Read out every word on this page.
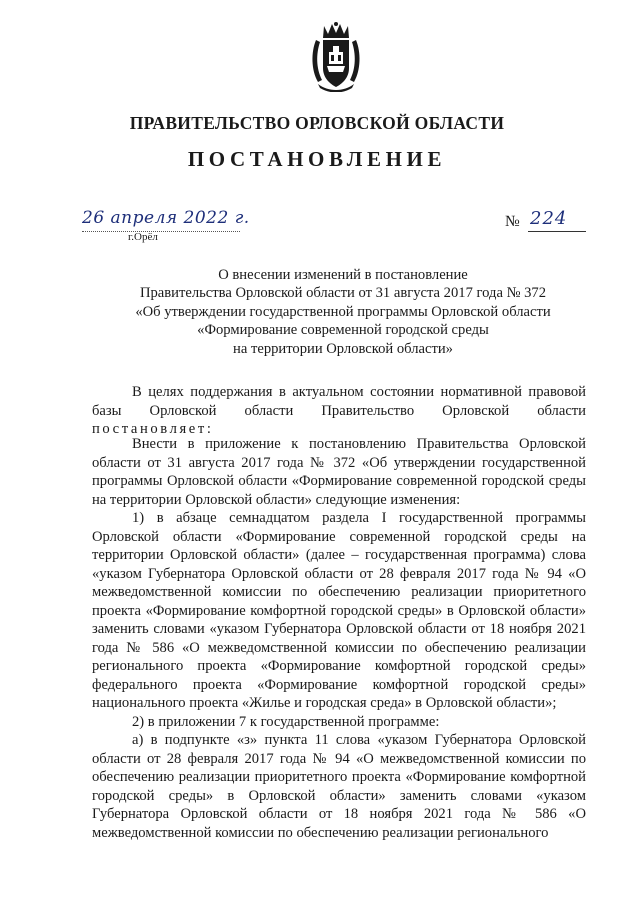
ПРАВИТЕЛЬСТВО ОРЛОВСКОЙ ОБЛАСТИ
ПОСТАНОВЛЕНИЕ
26 апреля 2022 г.
г.Орёл
№ 224
О внесении изменений в постановление
Правительства Орловской области от 31 августа 2017 года № 372
«Об утверждении государственной программы Орловской области
«Формирование современной городской среды
на территории Орловской области»

В целях поддержания в актуальном состоянии нормативной правовой базы Орловской области Правительство Орловской области постановляет:

Внести в приложение к постановлению Правительства Орловской области от 31 августа 2017 года № 372 «Об утверждении государственной программы Орловской области «Формирование современной городской среды на территории Орловской области» следующие изменения:

1) в абзаце семнадцатом раздела I государственной программы Орловской области «Формирование современной городской среды на территории Орловской области» (далее – государственная программа) слова «указом Губернатора Орловской области от 28 февраля 2017 года № 94 «О межведомственной комиссии по обеспечению реализации приоритетного проекта «Формирование комфортной городской среды» в Орловской области» заменить словами «указом Губернатора Орловской области от 18 ноября 2021 года № 586 «О межведомственной комиссии по обеспечению реализации регионального проекта «Формирование комфортной городской среды» федерального проекта «Формирование комфортной городской среды» национального проекта «Жилье и городская среда» в Орловской области»;

2) в приложении 7 к государственной программе:

а) в подпункте «з» пункта 11 слова «указом Губернатора Орловской области от 28 февраля 2017 года № 94 «О межведомственной комиссии по обеспечению реализации приоритетного проекта «Формирование комфортной городской среды» в Орловской области» заменить словами «указом Губернатора Орловской области от 18 ноября 2021 года № 586 «О межведомственной комиссии по обеспечению реализации регионального
